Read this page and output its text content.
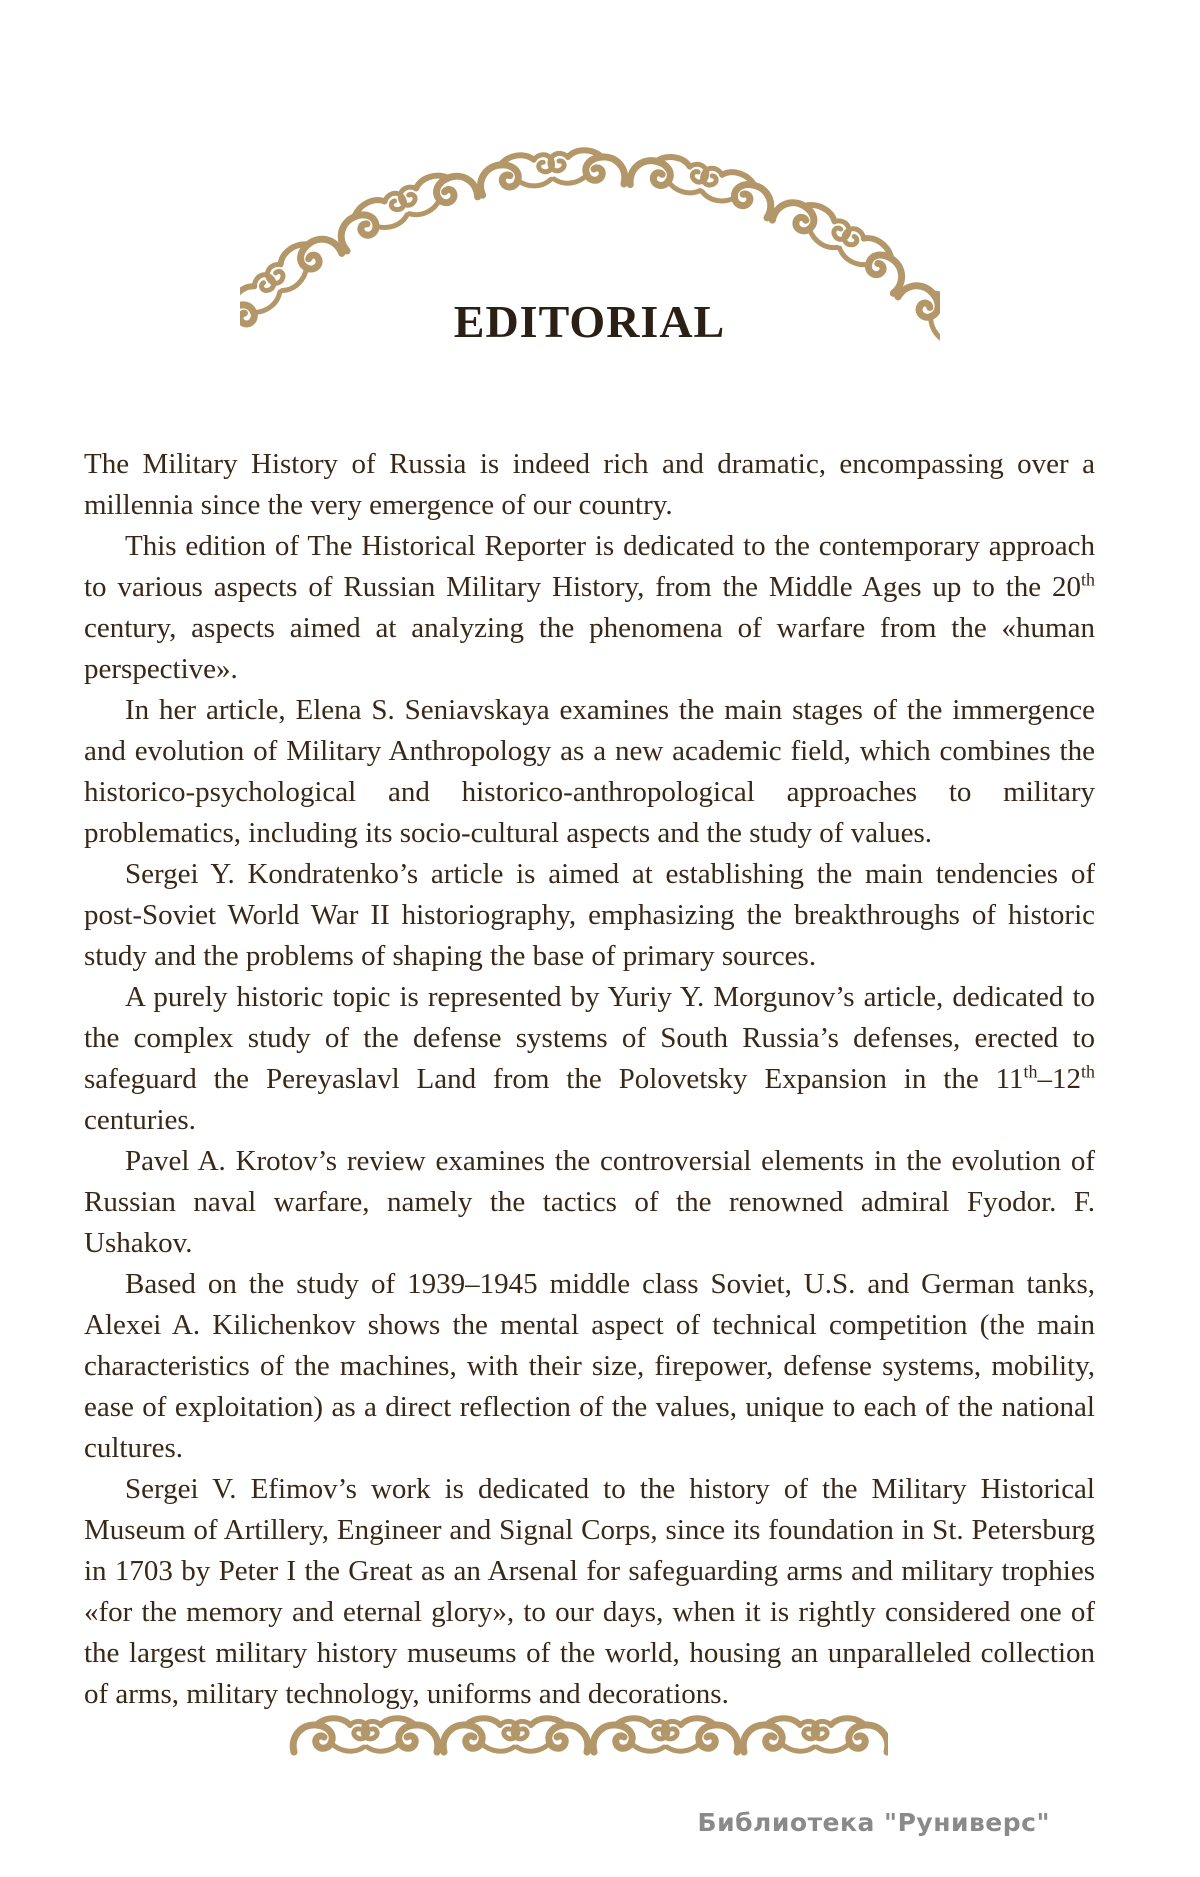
EDITORIAL

The Military History of Russia is indeed rich and dramatic, encompassing over a millennia since the very emergence of our country.

This edition of The Historical Reporter is dedicated to the contemporary approach to various aspects of Russian Military History, from the Middle Ages up to the 20th century, aspects aimed at analyzing the phenomena of warfare from the «human perspective».

In her article, Elena S. Seniavskaya examines the main stages of the immergence and evolution of Military Anthropology as a new academic field, which combines the historico-psychological and historico-anthropological approaches to military problematics, including its socio-cultural aspects and the study of values.

Sergei Y. Kondratenko’s article is aimed at establishing the main tendencies of post-Soviet World War II historiography, emphasizing the breakthroughs of historic study and the problems of shaping the base of primary sources.

A purely historic topic is represented by Yuriy Y. Morgunov’s article, dedicated to the complex study of the defense systems of South Russia’s defenses, erected to safeguard the Pereyaslavl Land from the Polovetsky Expansion in the 11th–12th centuries.

Pavel A. Krotov’s review examines the controversial elements in the evolution of Russian naval warfare, namely the tactics of the renowned admiral Fyodor. F. Ushakov.

Based on the study of 1939–1945 middle class Soviet, U.S. and German tanks, Alexei A. Kilichenkov shows the mental aspect of technical competition (the main characteristics of the machines, with their size, firepower, defense systems, mobility, ease of exploitation) as a direct reflection of the values, unique to each of the national cultures.

Sergei V. Efimov’s work is dedicated to the history of the Military Historical Museum of Artillery, Engineer and Signal Corps, since its foundation in St. Petersburg in 1703 by Peter I the Great as an Arsenal for safeguarding arms and military trophies «for the memory and eternal glory», to our days, when it is rightly considered one of the largest military history museums of the world, housing an unparalleled collection of arms, military technology, uniforms and decorations.

Библиотека "Руниверс"
